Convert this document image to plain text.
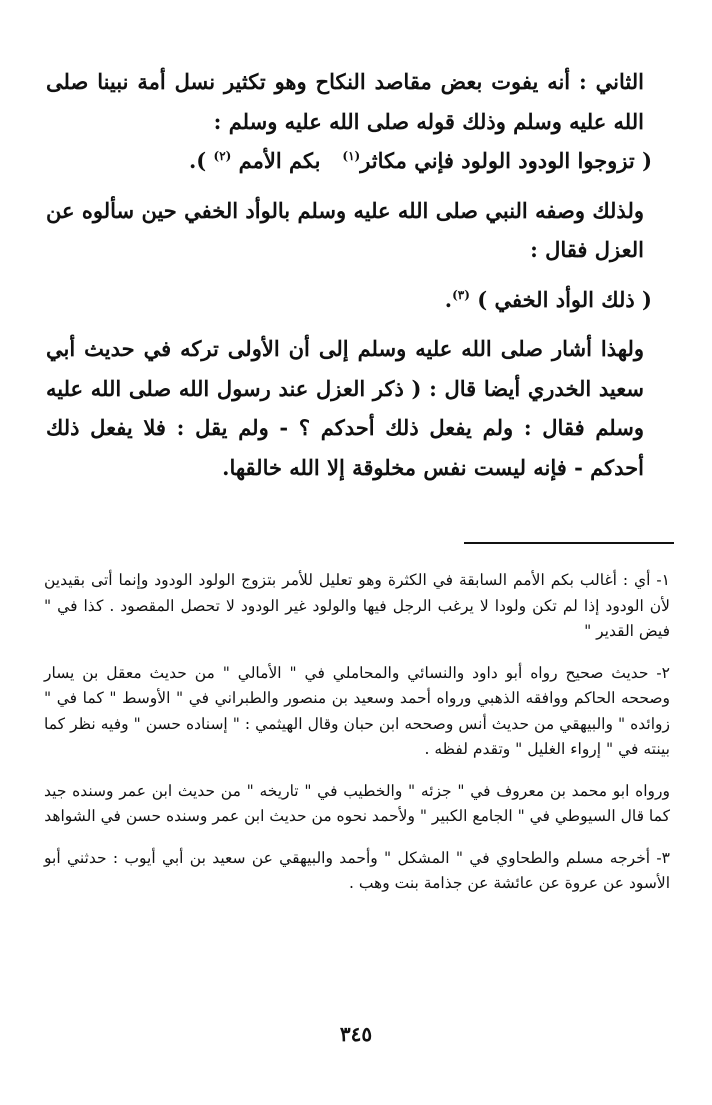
الثاني : أنه يفوت بعض مقاصد النكاح وهو تكثير نسل أمة نبينا صلى الله عليه وسلم وذلك قوله صلى الله عليه وسلم :

( تزوجوا الودود الولود فإني مكاثر$^{(١)}$   بكم الأمم $^{(٢)}$ ).

ولذلك وصفه النبي صلى الله عليه وسلم بالوأد الخفي حين سألوه عن العزل فقال :

( ذلك الوأد الخفي ) $^{(٣)}$.

ولهذا أشار صلى الله عليه وسلم إلى أن الأولى تركه في حديث أبي سعيد الخدري أيضا قال : ( ذكر العزل عند رسول الله صلى الله عليه وسلم فقال : ولم يفعل ذلك أحدكم ؟ - ولم يقل : فلا يفعل ذلك أحدكم - فإنه ليست نفس مخلوقة إلا الله خالقها.

١- أي : أغالب بكم الأمم السابقة في الكثرة وهو تعليل للأمر بتزوج الولود الودود وإنما أتى بقيدين لأن الودود إذا لم تكن ولودا لا يرغب الرجل فيها والولود غير الودود لا تحصل المقصود . كذا في " فيض القدير "

٢- حديث صحيح رواه أبو داود والنسائي والمحاملي في " الأمالي " من حديث معقل بن يسار وصححه الحاكم ووافقه الذهبي ورواه أحمد وسعيد بن منصور والطبراني في " الأوسط " كما في " زوائده " والبيهقي من حديث أنس وصححه ابن حبان وقال الهيثمي : " إسناده حسن " وفيه نظر كما بينته في " إرواء الغليل " وتقدم لفظه .

ورواه ابو محمد بن معروف في " جزئه " والخطيب في " تاريخه " من حديث ابن عمر وسنده جيد كما قال السيوطي في " الجامع الكبير " ولأحمد نحوه من حديث ابن عمر وسنده حسن في الشواهد

٣- أخرجه مسلم والطحاوي في " المشكل " وأحمد والبيهقي عن سعيد بن أبي أيوب : حدثني أبو الأسود عن عروة عن عائشة عن جذامة بنت وهب .

٣٤٥
